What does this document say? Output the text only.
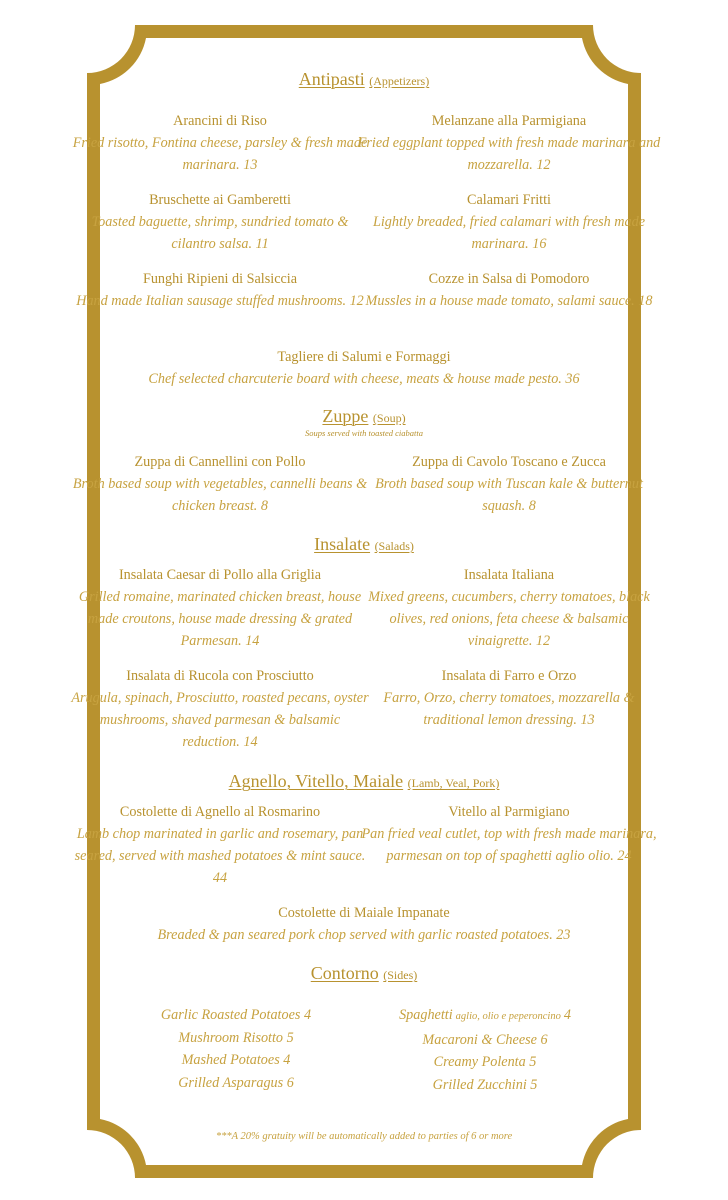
Antipasti (Appetizers)
Arancini di Riso
Fried risotto, Fontina cheese, parsley & fresh made marinara. 13
Melanzane alla Parmigiana
Fried eggplant topped with fresh made marinara and mozzarella. 12
Bruschette ai Gamberetti
Toasted baguette, shrimp, sundried tomato & cilantro salsa. 11
Calamari Fritti
Lightly breaded, fried calamari with fresh made marinara. 16
Funghi Ripieni di Salsiccia
Hand made Italian sausage stuffed mushrooms. 12
Cozze in Salsa di Pomodoro
Mussles in a house made tomato, salami sauce. 18
Tagliere di Salumi e Formaggi
Chef selected charcuterie board with cheese, meats & house made pesto. 36
Zuppe (Soup)
Soups served with toasted ciabatta
Zuppa di Cannellini con Pollo
Broth based soup with vegetables, cannelli beans & chicken breast. 8
Zuppa di Cavolo Toscano e Zucca
Broth based soup with Tuscan kale & butternut squash. 8
Insalate (Salads)
Insalata Caesar di Pollo alla Griglia
Grilled romaine, marinated chicken breast, house made croutons, house made dressing & grated Parmesan. 14
Insalata Italiana
Mixed greens, cucumbers, cherry tomatoes, black olives, red onions, feta cheese & balsamic vinaigrette. 12
Insalata di Rucola con Prosciutto
Arugula, spinach, Prosciutto, roasted pecans, oyster mushrooms, shaved parmesan & balsamic reduction. 14
Insalata di Farro e Orzo
Farro, Orzo, cherry tomatoes, mozzarella & traditional lemon dressing. 13
Agnello, Vitello, Maiale (Lamb, Veal, Pork)
Costolette di Agnello al Rosmarino
Lamb chop marinated in garlic and rosemary, pan seared, served with mashed potatoes & mint sauce. 44
Vitello al Parmigiano
Pan fried veal cutlet, top with fresh made marinara, parmesan on top of spaghetti aglio olio. 24
Costolette di Maiale Impanate
Breaded & pan seared pork chop served with garlic roasted potatoes. 23
Contorno (Sides)
Garlic Roasted Potatoes 4
Mushroom Risotto 5
Mashed Potatoes 4
Grilled Asparagus 6
Spaghetti aglio, olio e peperoncino 4
Macaroni & Cheese 6
Creamy Polenta 5
Grilled Zucchini 5
***A 20% gratuity will be automatically added to parties of 6 or more
